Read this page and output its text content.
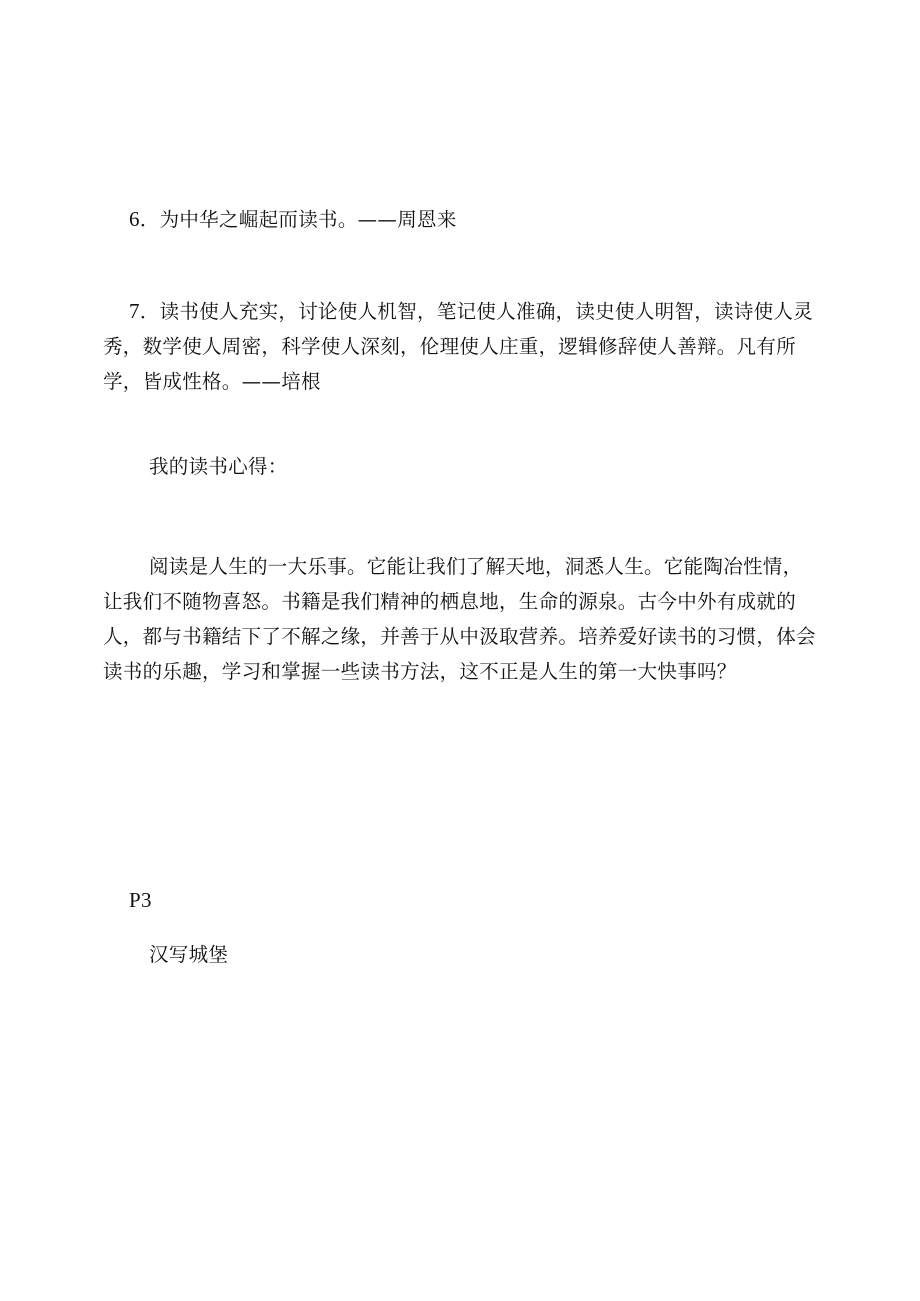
6．为中华之崛起而读书。——周恩来

7．读书使人充实，讨论使人机智，笔记使人准确，读史使人明智，读诗使人灵秀，数学使人周密，科学使人深刻，伦理使人庄重，逻辑修辞使人善辩。凡有所学，皆成性格。——培根

我的读书心得：
阅读是人生的一大乐事。它能让我们了解天地，洞悉人生。它能陶冶性情，让我们不随物喜怒。书籍是我们精神的栖息地，生命的源泉。古今中外有成就的人，都与书籍结下了不解之缘，并善于从中汲取营养。培养爱好读书的习惯，体会读书的乐趣，学习和掌握一些读书方法，这不正是人生的第一大快事吗？

P3

汉写城堡
